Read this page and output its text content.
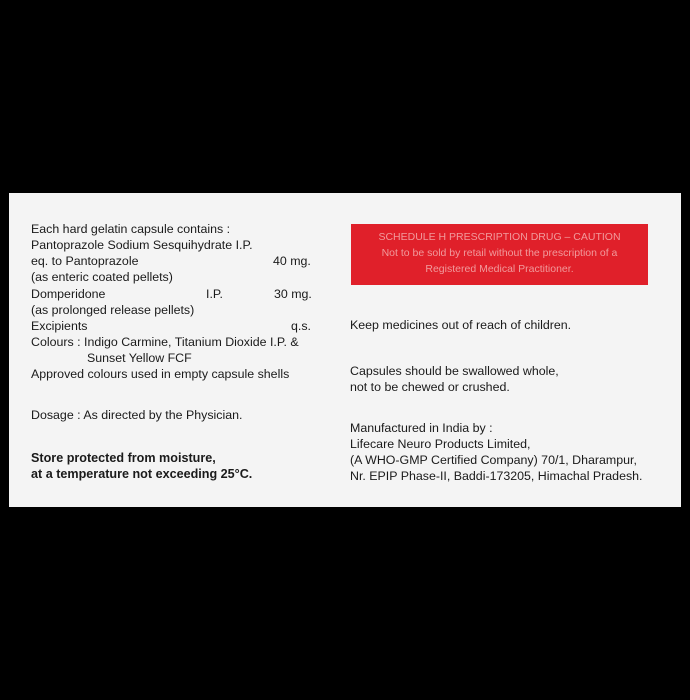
Each hard gelatin capsule contains :
Pantoprazole Sodium Sesquihydrate I.P.
eq. to Pantoprazole	40 mg.
(as enteric coated pellets)
Domperidone	I.P.	30 mg.
(as prolonged release pellets)
Excipients	q.s.
Colours : Indigo Carmine, Titanium Dioxide I.P. &
Sunset Yellow FCF
Approved colours used in empty capsule shells
Dosage : As directed by the Physician.
Store protected from moisture,
at a temperature not exceeding 25°C.
SCHEDULE H PRESCRIPTION DRUG – CAUTION
Not to be sold by retail without the prescription of a
Registered Medical Practitioner.
Keep medicines out of reach of children.
Capsules should be swallowed whole,
not to be chewed or crushed.
Manufactured in India by :
Lifecare Neuro Products Limited,
(A WHO-GMP Certified Company) 70/1, Dharampur,
Nr. EPIP Phase-II, Baddi-173205, Himachal Pradesh.
